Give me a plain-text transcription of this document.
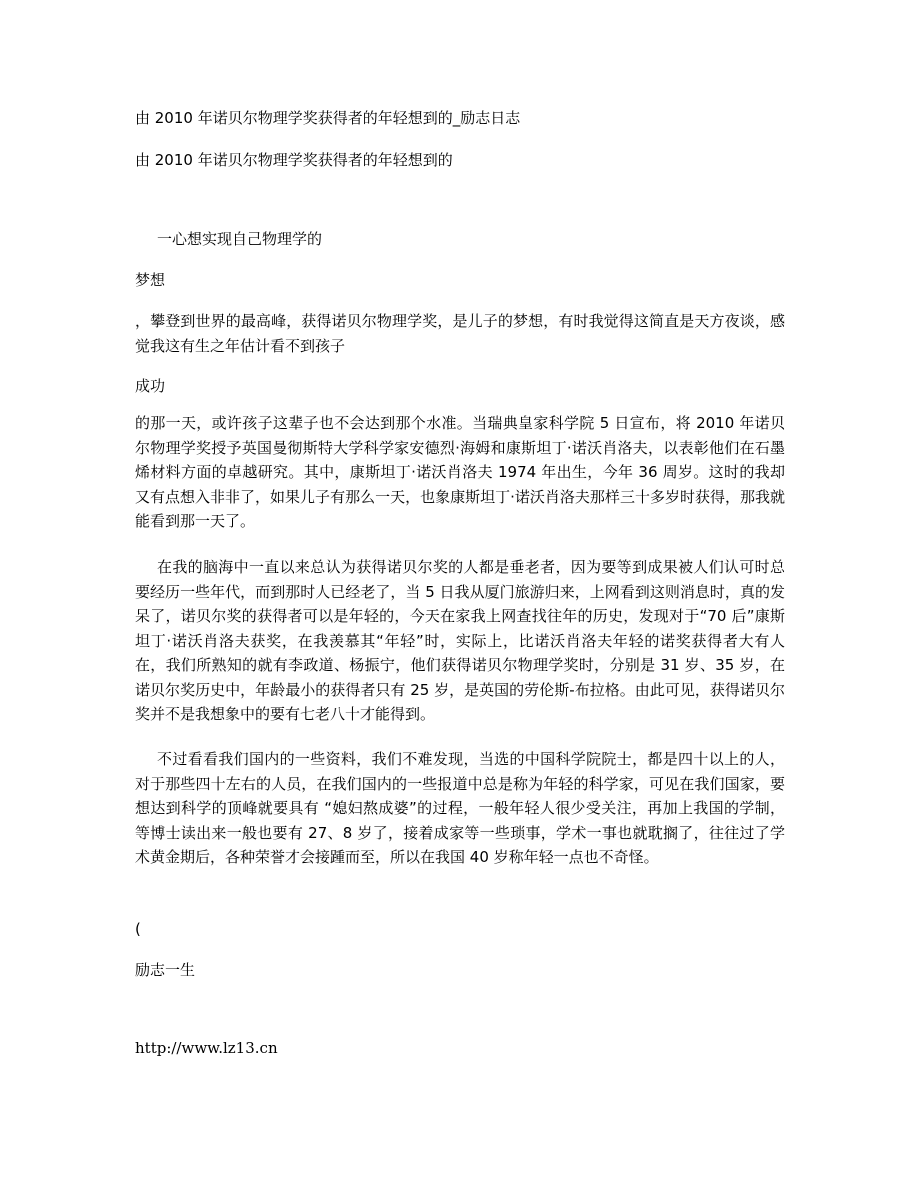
由 2010 年诺贝尔物理学奖获得者的年轻想到的_励志日志
由 2010 年诺贝尔物理学奖获得者的年轻想到的
一心想实现自己物理学的
梦想
，攀登到世界的最高峰，获得诺贝尔物理学奖，是儿子的梦想，有时我觉得这简直是天方夜谈，感觉我这有生之年估计看不到孩子
成功
的那一天，或许孩子这辈子也不会达到那个水准。当瑞典皇家科学院 5 日宣布，将 2010 年诺贝尔物理学奖授予英国曼彻斯特大学科学家安德烈·海姆和康斯坦丁·诺沃肖洛夫，以表彰他们在石墨烯材料方面的卓越研究。其中，康斯坦丁·诺沃肖洛夫 1974 年出生，今年 36 周岁。这时的我却又有点想入非非了，如果儿子有那么一天，也象康斯坦丁·诺沃肖洛夫那样三十多岁时获得，那我就能看到那一天了。
在我的脑海中一直以来总认为获得诺贝尔奖的人都是垂老者，因为要等到成果被人们认可时总要经历一些年代，而到那时人已经老了，当 5 日我从厦门旅游归来，上网看到这则消息时，真的发呆了，诺贝尔奖的获得者可以是年轻的，今天在家我上网查找往年的历史，发现对于“70 后”康斯坦丁·诺沃肖洛夫获奖，在我羡慕其“年轻”时，实际上，比诺沃肖洛夫年轻的诺奖获得者大有人在，我们所熟知的就有李政道、杨振宁，他们获得诺贝尔物理学奖时，分别是 31 岁、35 岁，在诺贝尔奖历史中，年龄最小的获得者只有 25 岁，是英国的劳伦斯-布拉格。由此可见，获得诺贝尔奖并不是我想象中的要有七老八十才能得到。
不过看看我们国内的一些资料，我们不难发现，当选的中国科学院院士，都是四十以上的人，对于那些四十左右的人员，在我们国内的一些报道中总是称为年轻的科学家，可见在我们国家，要想达到科学的顶峰就要具有 “媳妇熬成婆”的过程，一般年轻人很少受关注，再加上我国的学制，等博士读出来一般也要有 27、8 岁了，接着成家等一些琐事，学术一事也就耽搁了，往往过了学术黄金期后，各种荣誉才会接踵而至，所以在我国 40 岁称年轻一点也不奇怪。
(
励志一生
http://www.lz13.cn
